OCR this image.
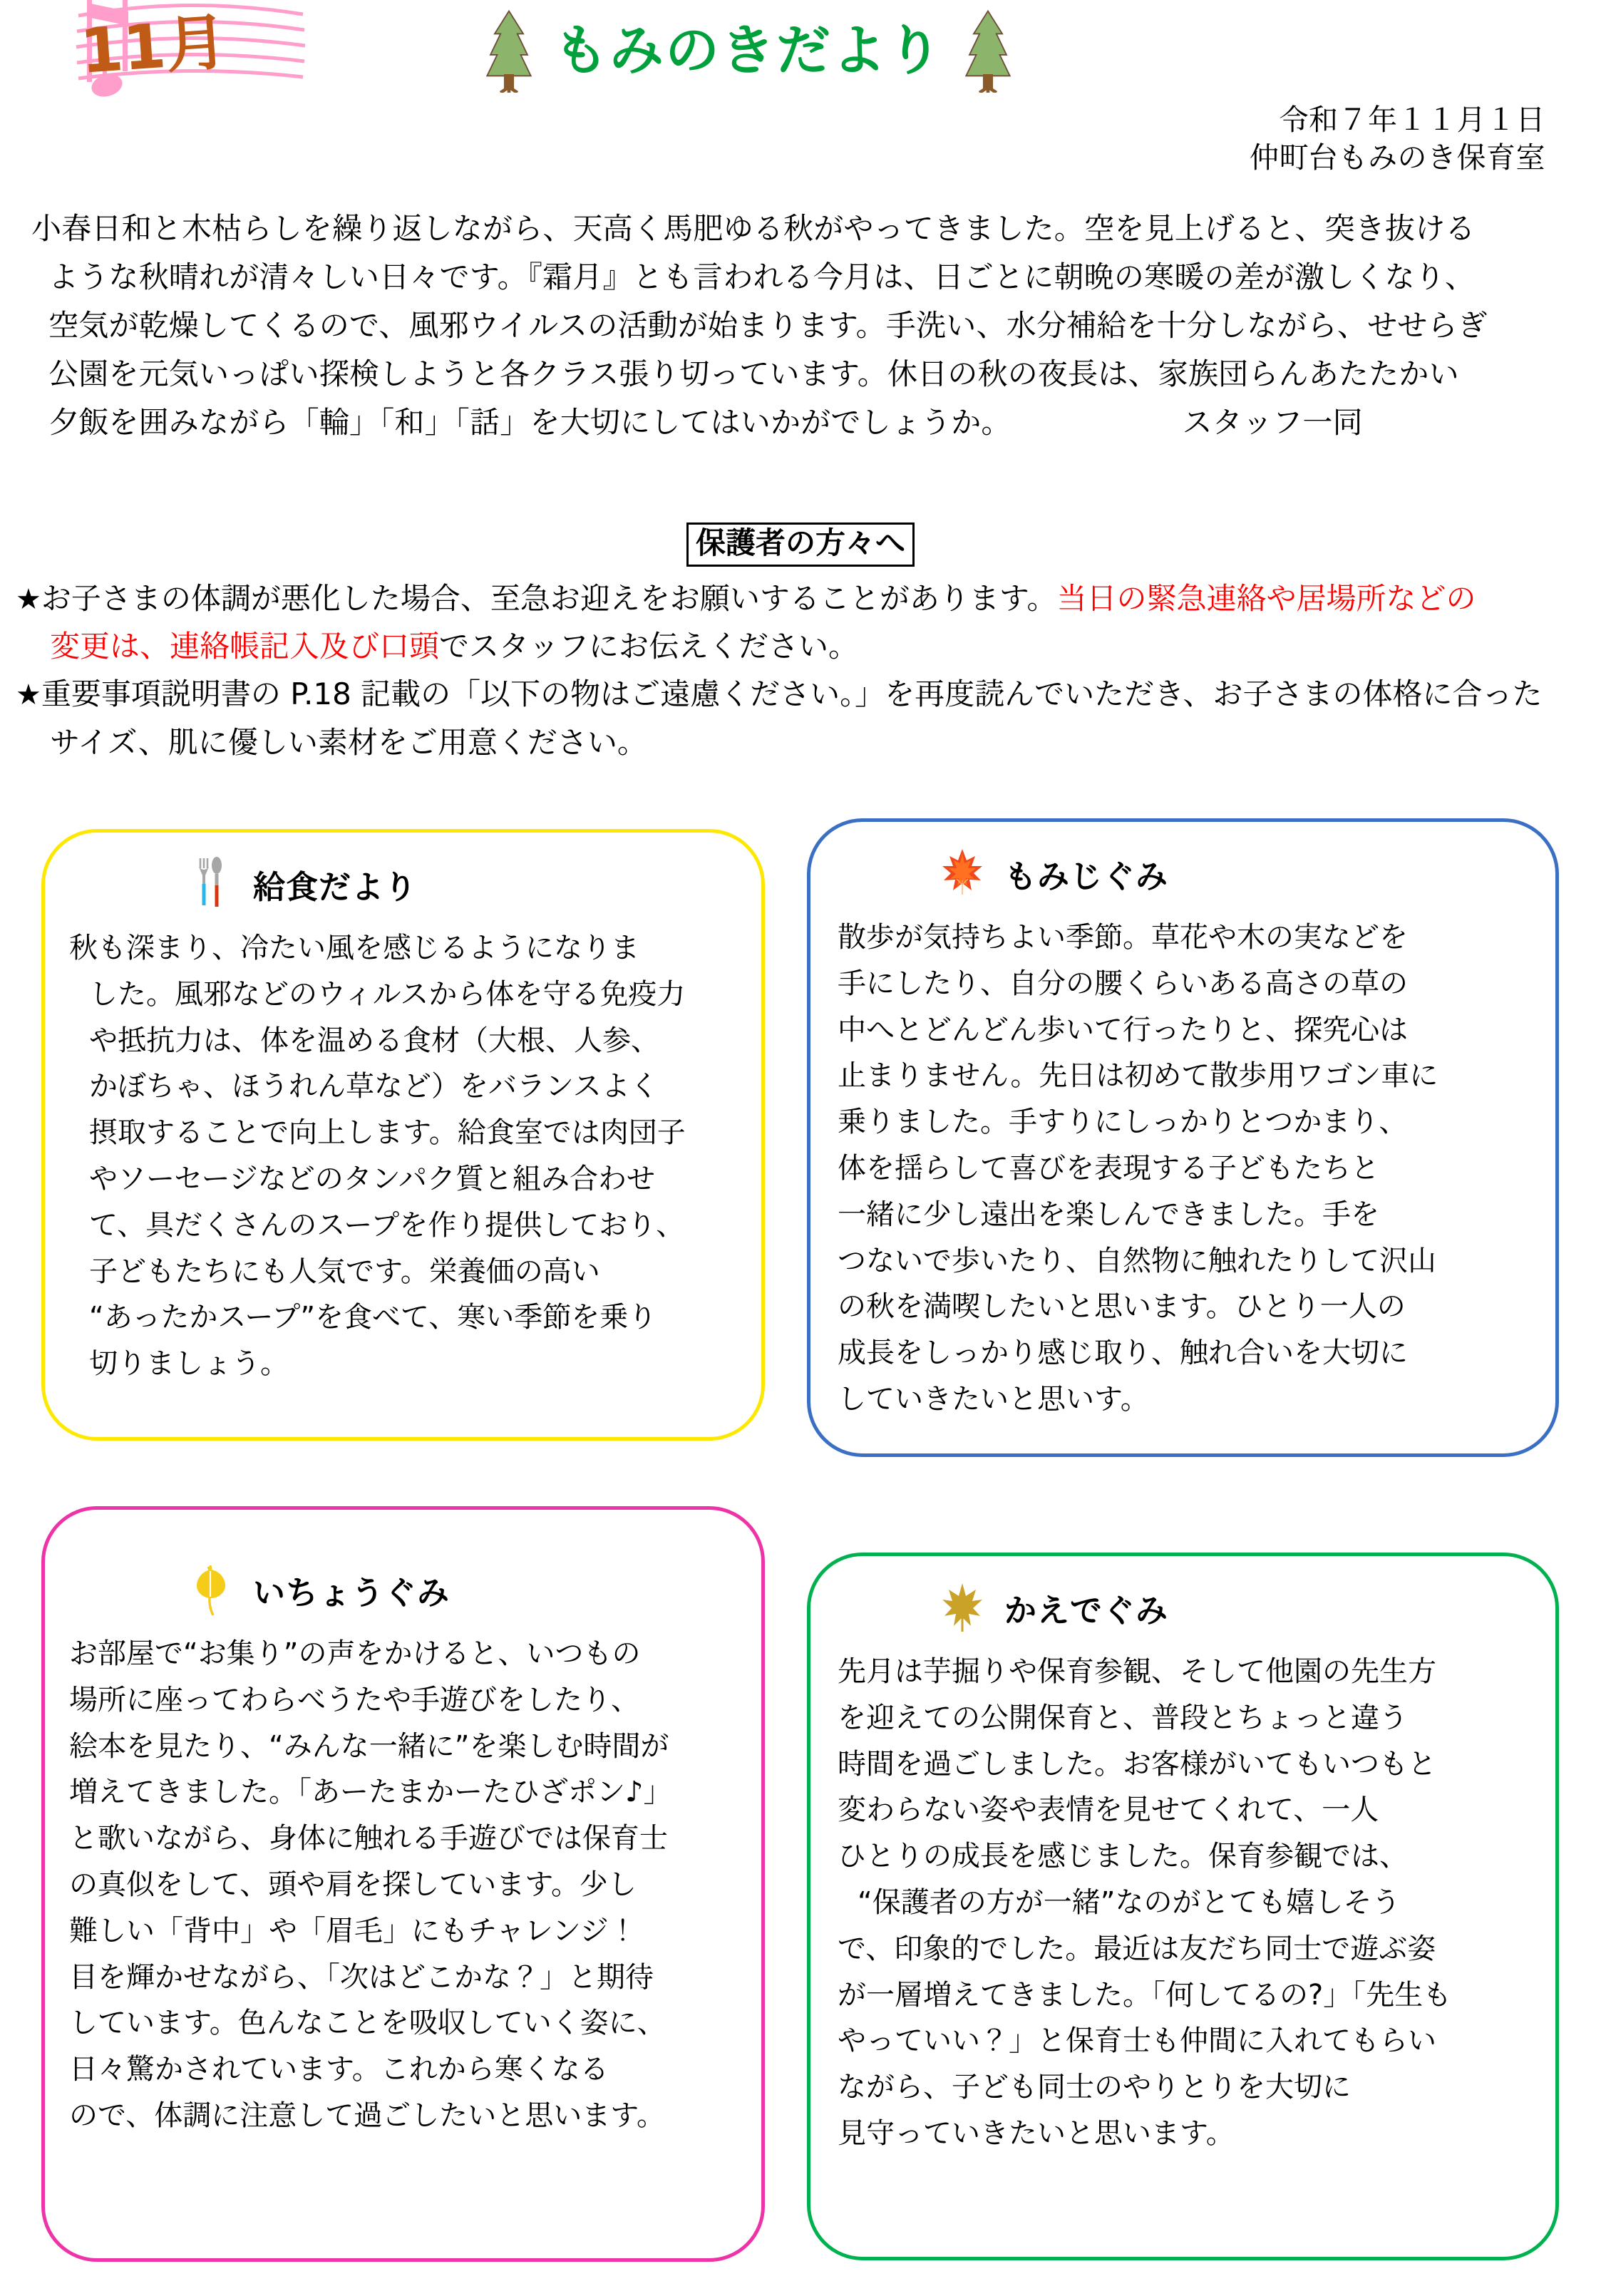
11月	もみのきだより
令和７年１１月１日
仲町台もみのき保育室

小春日和と木枯らしを繰り返しながら、天高く馬肥ゆる秋がやってきました。空を見上げると、突き抜ける

ような秋晴れが清々しい日々です。『霜月』とも言われる今月は、日ごとに朝晩の寒暖の差が激しくなり、

空気が乾燥してくるので、風邪ウイルスの活動が始まります。手洗い、水分補給を十分しながら、せせらぎ

公園を元気いっぱい探検しようと各クラス張り切っています。休日の秋の夜長は、家族団らんあたたかい

夕飯を囲みながら「輪」「和」「話」を大切にしてはいかがでしょうか。	スタッフ一同

保護者の方々へ

★お子さまの体調が悪化した場合、至急お迎えをお願いすることがあります。当日の緊急連絡や居場所などの

変更は、連絡帳記入及び口頭でスタッフにお伝えください。

★重要事項説明書の P.18 記載の「以下の物はご遠慮ください。」を再度読んでいただき、お子さまの体格に合った

サイズ、肌に優しい素材をご用意ください。

給食だより

秋も深まり、冷たい風を感じるようになりま

した。風邪などのウィルスから体を守る免疫力

や抵抗力は、体を温める食材（大根、人参、

かぼちゃ、ほうれん草など）をバランスよく

摂取することで向上します。給食室では肉団子

やソーセージなどのタンパク質と組み合わせ

て、具だくさんのスープを作り提供しており、

子どもたちにも人気です。栄養価の高い

“あったかスープ”を食べて、寒い季節を乗り

切りましょう。

もみじぐみ

散歩が気持ちよい季節。草花や木の実などを

手にしたり、自分の腰くらいある高さの草の

中へとどんどん歩いて行ったりと、探究心は

止まりません。先日は初めて散歩用ワゴン車に

乗りました。手すりにしっかりとつかまり、

体を揺らして喜びを表現する子どもたちと

一緒に少し遠出を楽しんできました。手を

つないで歩いたり、自然物に触れたりして沢山

の秋を満喫したいと思います。ひとり一人の

成長をしっかり感じ取り、触れ合いを大切に

していきたいと思いす。

いちょうぐみ

お部屋で“お集り”の声をかけると、いつもの

場所に座ってわらべうたや手遊びをしたり、

絵本を見たり、“みんな一緒に”を楽しむ時間が

増えてきました。「あーたまかーたひざポン♪」

と歌いながら、身体に触れる手遊びでは保育士

の真似をして、頭や肩を探しています。少し

難しい「背中」や「眉毛」にもチャレンジ！

目を輝かせながら、「次はどこかな？」と期待

しています。色んなことを吸収していく姿に、

日々驚かされています。これから寒くなる

ので、体調に注意して過ごしたいと思います。

かえでぐみ

先月は芋掘りや保育参観、そして他園の先生方

を迎えての公開保育と、普段とちょっと違う

時間を過ごしました。お客様がいてもいつもと

変わらない姿や表情を見せてくれて、一人

ひとりの成長を感じました。保育参観では、

“保護者の方が一緒”なのがとても嬉しそう

で、印象的でした。最近は友だち同士で遊ぶ姿

が一層増えてきました。「何してるの?」「先生も

やっていい？」と保育士も仲間に入れてもらい

ながら、子ども同士のやりとりを大切に

見守っていきたいと思います。
